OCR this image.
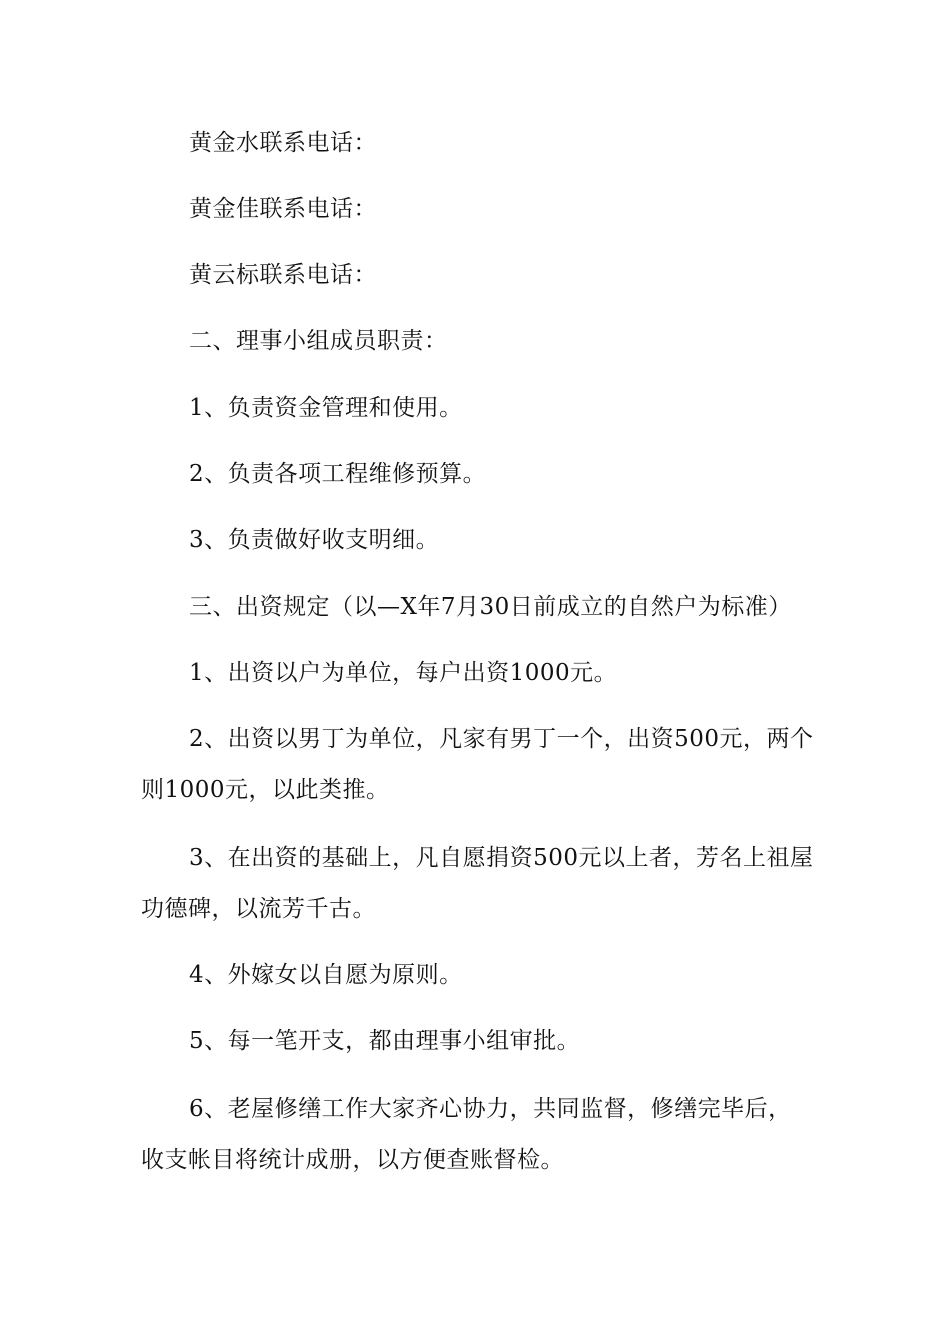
黄金水联系电话：
黄金佳联系电话：
黄云标联系电话：
二、理事小组成员职责：
1、负责资金管理和使用。
2、负责各项工程维修预算。
3、负责做好收支明细。
三、出资规定（以—X年7月30日前成立的自然户为标准）
1、出资以户为单位，每户出资1000元。
2、出资以男丁为单位，凡家有男丁一个，出资500元，两个
则1000元，以此类推。
3、在出资的基础上，凡自愿捐资500元以上者，芳名上祖屋
功德碑，以流芳千古。
4、外嫁女以自愿为原则。
5、每一笔开支，都由理事小组审批。
6、老屋修缮工作大家齐心协力，共同监督，修缮完毕后，
收支帐目将统计成册，以方便查账督检。
